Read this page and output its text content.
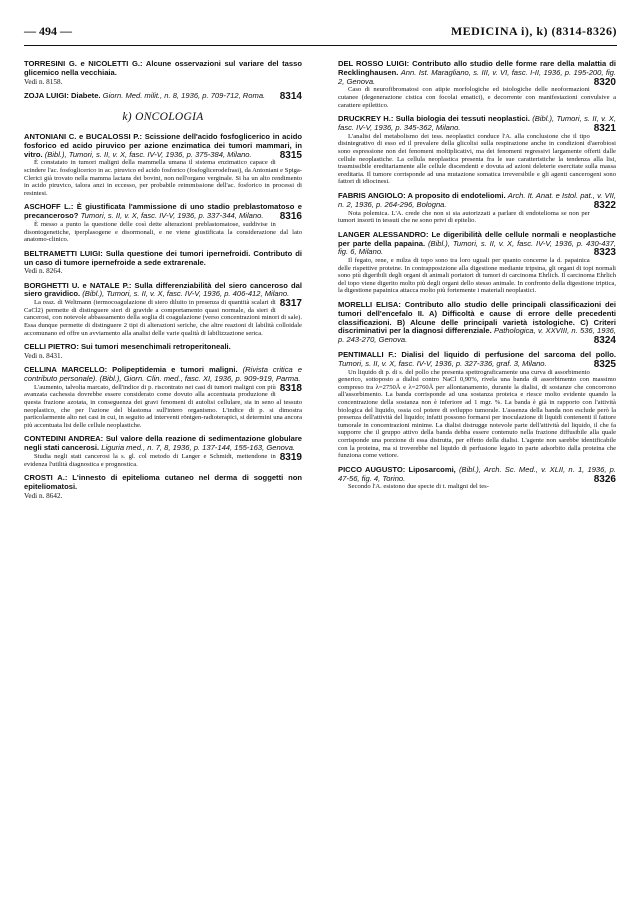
— 494 —	MEDICINA i), k) (8314-8326)
TORRESINI G. e NICOLETTI G.: Alcune osservazioni sul variare del tasso glicemico nella vecchiaia.
Vedi n. 8158.
ZOJA LUIGI: Diabete. Giorn. Med. milit., n. 8, 1936, p. 709-712, Roma. 8314
k) ONCOLOGIA
ANTONIANI C. e BUCALOSSI P.: Scissione dell'acido fosfoglicerico in acido fosforico ed acido piruvico per azione enzimatica dei tumori mammari, in vitro. (Bibl.), Tumori, s. II, v. X, fasc. IV-V, 1936, p. 375-384, Milano.	8315
È constatato in tumori maligni della mammella umana il sistema enzimatico capace di scindere l'ac. fosfoglicerico in ac. piruvico ed acido fosforico (fosfoglicerodefrasi), da Antoniani e Spiga-Clerici già trovato nella mamma lactans dei bovini, non nell'organo verginale. Si ha un alto rendimento in acido piruvico, talora anzi in eccesso, per probabile reimmissione dell'ac. fosforico in processi di resintesi.
ASCHOFF L.: È giustificata l'ammissione di uno stadio preblastomatoso e precanceroso? Tumori, s. II, v. X, fasc. IV-V, 1936, p. 337-344, Milano. 8316
È messo a punto la questione delle così dette alterazioni preblastomatose, suddivise in disontogenetiche, iperplasogene e disormonali, e ne viene giustificata la considerazione dal lato anatomo-clinico.
BELTRAMETTI LUIGI: Sulla questione dei tumori ipernefroidi. Contributo di un caso di tumore ipernefroide a sede extrarenale.
Vedi n. 8264.
BORGHETTI U. e NATALE P.: Sulla differenziabilità del siero canceroso dal siero gravidico. (Bibl.), Tumori, s. II, v. X, fasc. IV-V, 1936, p. 406-412, Milano.
8317
La reaz. di Weltmann (termocoagulazione di siero diluito in presenza di quantità scalari di CaCl2) permette di distinguere sieri di gravide a comportamento quasi normale, da sieri di cancerosi, con notevole abbassamento della soglia di coagulazione (verso concentrazioni minori di sale). Essa dunque permette di distinguere 2 tipi di alterazioni seriche, che altre reazioni di labilità colloidale accomunano ed offre un avviamento alla analisi delle varie qualità di labilizzazione serica.
CELLI PIETRO: Sui tumori mesenchimali retroperitoneali.
Vedi n. 8431.
CELLINA MARCELLO: Polipeptidemia e tumori maligni. (Rivista critica e contributo personale). (Bibl.), Giorn. Clin. med., fasc. XI, 1936, p. 909-919, Parma.
8318
L'aumento, talvolta marcato, dell'indice di p. riscontrato nei casi di tumori maligni con più avanzata cachessia dovrebbe essere considerato come dovuto alla accentuata produzione di questa frazione azotata, in conseguenza dei gravi fenomeni di autolisi cellulare, sia in seno al tessuto neoplastico, che per l'azione del blastoma sull'intero organismo. L'indice di p. si dimostra particolarmente alto nei casi in cui, in seguito ad interventi röntgen-radioterapici, si determini una ancora più accentuata lisi delle cellule neoplastiche.
CONTEDINI ANDREA: Sul valore della reazione di sedimentazione globulare negli stati cancerosi. Liguria med., n. 7, 8, 1936, p. 137-144, 155-163, Genova.
8319
Studia negli stati cancerosi la s. gl. col metodo di Langer e Schmidt, mettendone in evidenza l'utilità diagnostica e prognostica.
CROSTI A.: L'innesto di epitelioma cutaneo nel derma di soggetti non epiteliomatosi.
Vedi n. 8642.
DEL ROSSO LUIGI: Contributo allo studio delle forme rare della malattia di Recklinghausen. Ann. Ist. Maragliano, s. III, v. VI, fasc. I-II, 1936, p. 195-200, fig. 2, Genova.	8320
Caso di neurofibromatosi con atipie morfologiche ed istologiche delle neoformazioni cutanee (degenerazione cistica con focolai ematici), e decorrente con manifestazioni convulsive a carattere epilettico.
DRUCKREY H.: Sulla biologia dei tessuti neoplastici. (Bibl.), Tumori, s. II, v. X, fasc. IV-V, 1936, p. 345-362, Milano.	8321
L'analisi del metabolismo dei tess. neoplastici conduce l'A. alla conclusione che il tipo disintegrativo di esso ed il prevalere della glicolisi sulla respirazione anche in condizioni d'aerobiosi sono espressione non dei fenomeni moltiplicativi, ma dei fenomeni regressivi largamente offerti dalle cellule neoplastiche. La cellula neoplastica presenta fra le sue caratteristiche la tendenza alla lisi, trasmissibile ereditariamente alle cellule discendenti e dovuta ad azioni deleterie esercitate sulla massa ereditaria. Il tumore corrisponde ad una mutazione somatica irreversibile e gli agenti cancerogeni sono fattori di idiocinesi.
FABRIS ANGIOLO: A proposito di endoteliomi. Arch. It. Anat. e Istol. pat., v. VII, n. 2, 1936, p. 264-296, Bologna.	8322
Nota polemica. L'A. crede che non si sia autorizzati a parlare di endotelioma se non per tumori insorti in tessuti che ne sono privi di epitelio.
LANGER ALESSANDRO: Le digeribilità delle cellule normali e neoplastiche per parte della papaina. (Bibl.), Tumori, s. II, v. X, fasc. IV-V, 1936, p. 430-437, fig. 6, Milano.	8323
Il fegato, rene, e milza di topo sono tra loro uguali per quanto concerne la d. papainica delle rispettive proteine. In contrapposizione alla digestione mediante tripsina, gli organi di topi normali sono più digeribili degli organi di animali portatori di tumori di carcinoma Ehrlich. Il carcinoma Ehrlich del topo viene digerito molto più degli organi dello stesso animale. In confronto della digestione triptica, la digestione papainica attacca molto più fortemente i materiali neoplastici.
MORELLI ELISA: Contributo allo studio delle principali classificazioni dei tumori dell'encefalo II. A) Difficoltà e cause di errore delle precedenti classificazioni. B) Alcune delle principali varietà istologiche. C) Criteri discriminativi per la diagnosi differenziale. Pathologica, v. XXVIII, n. 536, 1936, p. 243-270, Genova.	8324
PENTIMALLI F.: Dialisi del liquido di perfusione del sarcoma del pollo. Tumori, s. II, v. X, fasc. IV-V, 1936, p. 327-336, graf. 3, Milano.	8325
Un liquido di p. di s. del pollo che presenta spettrograficamente una curva di assorbimento generico, sottoposto a dialisi contro NaCl 0,90%, rivela una banda di assorbimento con massimo compreso tra λ=2750Å e λ=2760Å per allontanamento, durante la dialisi, di sostanze che concorrono all'assorbimento. La banda corrisponde ad una sostanza proteica e riesce molto evidente quando la concentrazione della sostanza non è inferiore ad 1 mgr. %. La banda è già in rapporto con l'attività biologica del liquido, ossia col potere di sviluppo tumorale. L'assenza della banda non esclude però la presenza dell'attività del liquido; infatti possono formarsi per inoculazione di liquidi contenenti il fattore tumorale in concentrazioni minime. La dialisi distrugge notevole parte dell'attività del liquido, il che fa supporre che il gruppo attivo della banda debba essere contenuto nella frazione diffusibile alla quale corrisponde una porzione di essa distrutta, per effetto della dialisi. L'agente non sarebbe identificabile con la proteina, ma si troverebbe nel liquido di perfusione legato in parte adsorbito dalla proteina che funziona come vettore.
PICCO AUGUSTO: Liposarcomi, (Bibl.), Arch. Sc. Med., v. XLII, n. 1, 1936, p. 47-56, fig. 4, Torino.	8326
Secondo l'A. esistono due specie di t. maligni del tes-
